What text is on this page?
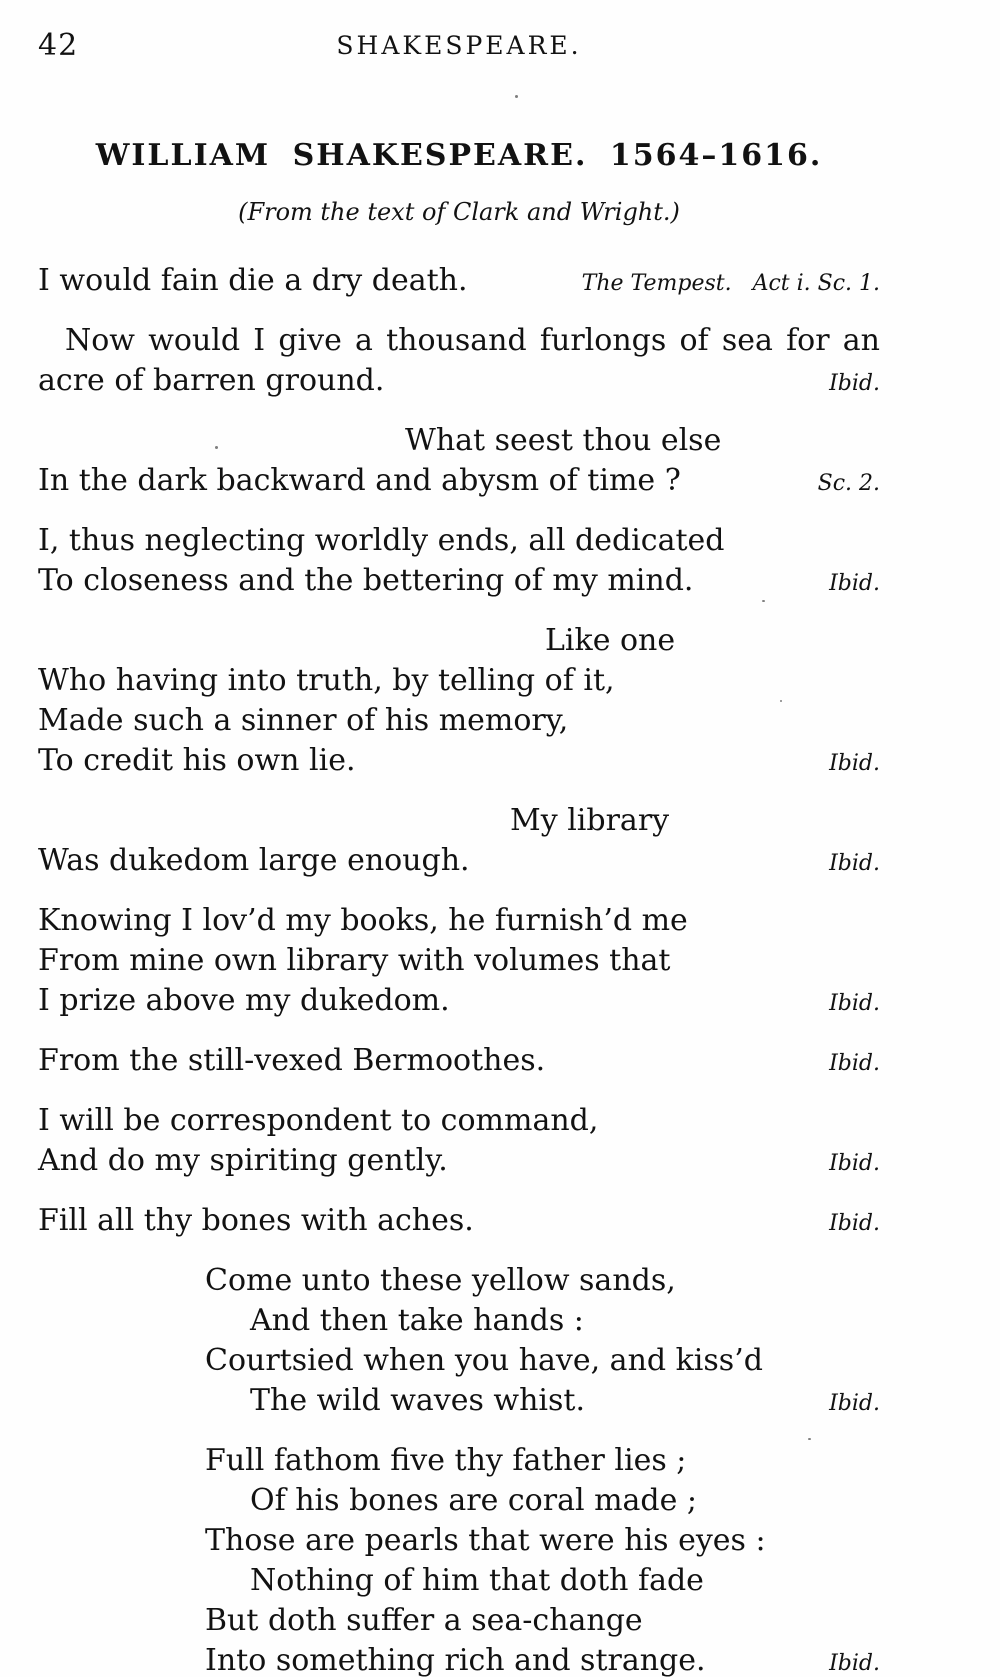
42	SHAKESPEARE.
WILLIAM SHAKESPEARE. 1564–1616.

(From the text of Clark and Wright.)

I would fain die a dry death.	The Tempest.   Act i. Sc. 1.
Now would I give a thousand furlongs of sea for an
acre of barren ground.	Ibid.
What seest thou else
In the dark backward and abysm of time ?	Sc. 2.
I, thus neglecting worldly ends, all dedicated
To closeness and the bettering of my mind.	Ibid.
Like one
Who having into truth, by telling of it,
Made such a sinner of his memory,
To credit his own lie.	Ibid.
My library
Was dukedom large enough.	Ibid.
Knowing I lov’d my books, he furnish’d me
From mine own library with volumes that
I prize above my dukedom.	Ibid.
From the still-vexed Bermoothes.	Ibid.
I will be correspondent to command,
And do my spiriting gently.	Ibid.
Fill all thy bones with aches.	Ibid.
Come unto these yellow sands,
And then take hands :
Courtsied when you have, and kiss’d
The wild waves whist.	Ibid.
Full fathom five thy father lies ;
Of his bones are coral made ;
Those are pearls that were his eyes :
Nothing of him that doth fade
But doth suffer a sea-change
Into something rich and strange.	Ibid.
